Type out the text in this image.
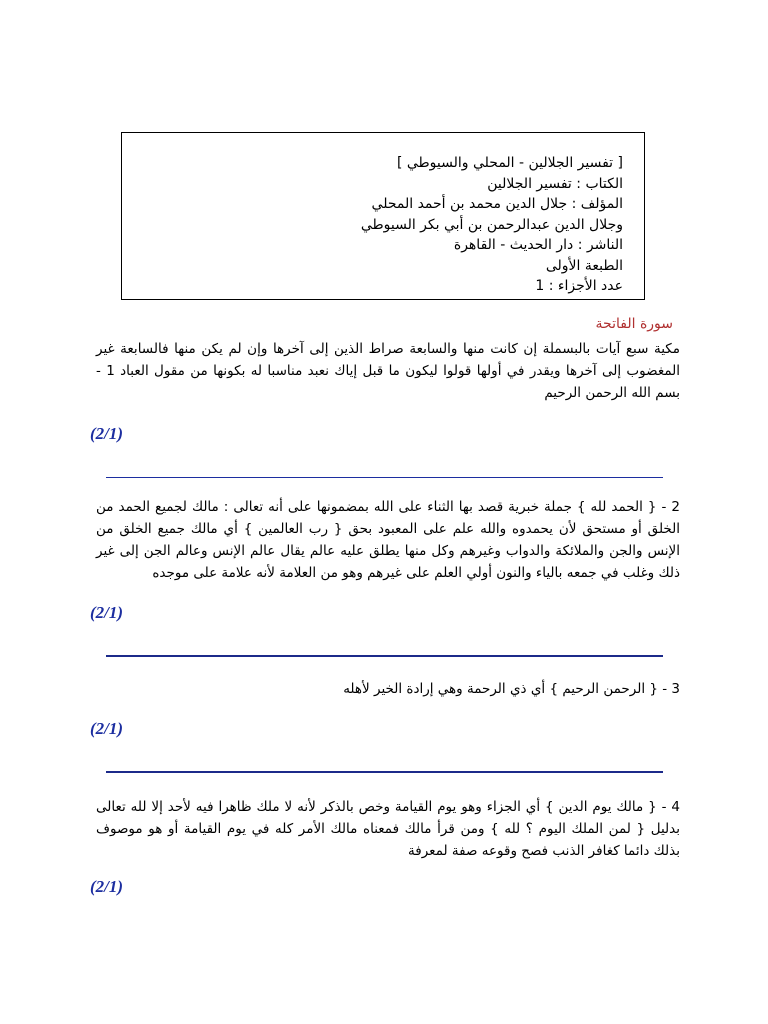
[ تفسير الجلالين - المحلي والسيوطي ]
الكتاب : تفسير الجلالين
المؤلف : جلال الدين محمد بن أحمد المحلي
وجلال الدين عبدالرحمن بن أبي بكر السيوطي
الناشر : دار الحديث - القاهرة
الطبعة الأولى
عدد الأجزاء : 1
سورة الفاتحة
مكية سبع آيات بالبسملة إن كانت منها والسابعة صراط الذين إلى آخرها وإن لم يكن منها فالسابعة غير المغضوب إلى آخرها ويقدر في أولها قولوا ليكون ما قبل إياك نعبد مناسبا له بكونها من مقول العباد 1 - بسم الله الرحمن الرحيم
(2/1)
2 - { الحمد لله } جملة خبرية قصد بها الثناء على الله بمضمونها على أنه تعالى : مالك لجميع الحمد من الخلق أو مستحق لأن يحمدوه والله علم على المعبود بحق { رب العالمين } أي مالك جميع الخلق من الإنس والجن والملائكة والدواب وغيرهم وكل منها يطلق عليه عالم يقال عالم الإنس وعالم الجن إلى غير ذلك وغلب في جمعه بالياء والنون أولي العلم على غيرهم وهو من العلامة لأنه علامة على موجده
(2/1)
3 - { الرحمن الرحيم } أي ذي الرحمة وهي إرادة الخير لأهله
(2/1)
4 - { مالك يوم الدين } أي الجزاء وهو يوم القيامة وخص بالذكر لأنه لا ملك ظاهرا فيه لأحد إلا لله تعالى بدليل { لمن الملك اليوم ؟ لله } ومن قرأ مالك فمعناه مالك الأمر كله في يوم القيامة أو هو موصوف بذلك دائما كغافر الذنب فصح وقوعه صفة لمعرفة
(2/1)
